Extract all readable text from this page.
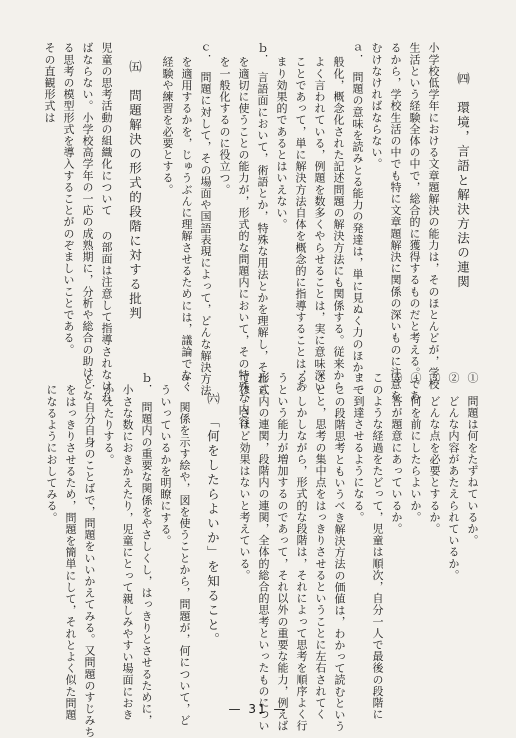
㈣　環境，言語と解決方法の連関
小学校低学年における文章題解決の能力は，そのほとんどが，学校
生活という経験全体の中で，総合的に獲得するものだと考える。であ
るから，学校生活の中でも特に文章題解決に関係の深いものに注意を
むけなければならない。
ａ．　問題の意味を読みとる能力の発達は，単に見ぬく力のほか，一
般化，概念化された記述問題の解決方法にも関係する。従来から
よく言われている，例題を数多くやらせることは，実に意味深い
ことであって，単に解決方法自体を概念的に指導することは，あ
まり効果的であるとはいえない。
ｂ．　言語面において，術語とか，特殊な用法とかを理解し，それら
を適切に使うことの能力が，形式的な問題内において，その特殊な内容
を一般化するのに役立つ。
ｃ．　問題に対して，その場面や国語表現によって，どんな解決方法
を適用するかを，じゅうぶんに理解させるためには，議論でなく
経験や練習を必要とする。
㈤　問題解決の形式的段階に対する批判
児童の思考活動の組織化について の部面は注意して指導されなけれ
ばならない。小学校高学年の一応の成熟期に，分析や総合の助けとな
る思考の模型形式を導入することがのぞましいことである。
その直観形式は
①　問題は何をたずねているか。
②　どんな内容があたえられているか。
③　どんな点を必要とするか。
④　何を前にしたらよいか。
⑤　答が題意にあっているか。
このような経過をたどって，児童は順次，自分一人で最後の段階に
まで到達させるようになる。
この段階思考ともいうべき解決方法の価値は，わかって読むという
ことと，思考の集中点をはっきりさせるということに左右されてく
る。しかしながら，形式的な段階は，それによって思考を順序よく行
うという能力が増加するのであって，それ以外の重要な能力，例えば
形式内の連関，段階内の連関，全体的総合的思考といったものについ
ては，さほど効果はないと考えている。
㈥　「何をしたらよいか」を知ること。
ａ．　関係を示す絵や，図を使うことから，問題が，何について，ど
ういっているかを明瞭にする。
ｂ．　問題内の重要な関係をやさしくし，はっきりとさせるために，
小さな数におきかえたり，児童にとって親しみやすい場面におき
かえたりする。
ｃ．　自分自身のことばで，問題をいいかえてみる。又問題のすじみち
をはっきりさせるため，問題を簡単にして，それとよく似た問題
になるようにおしてみる。
— 31 —
